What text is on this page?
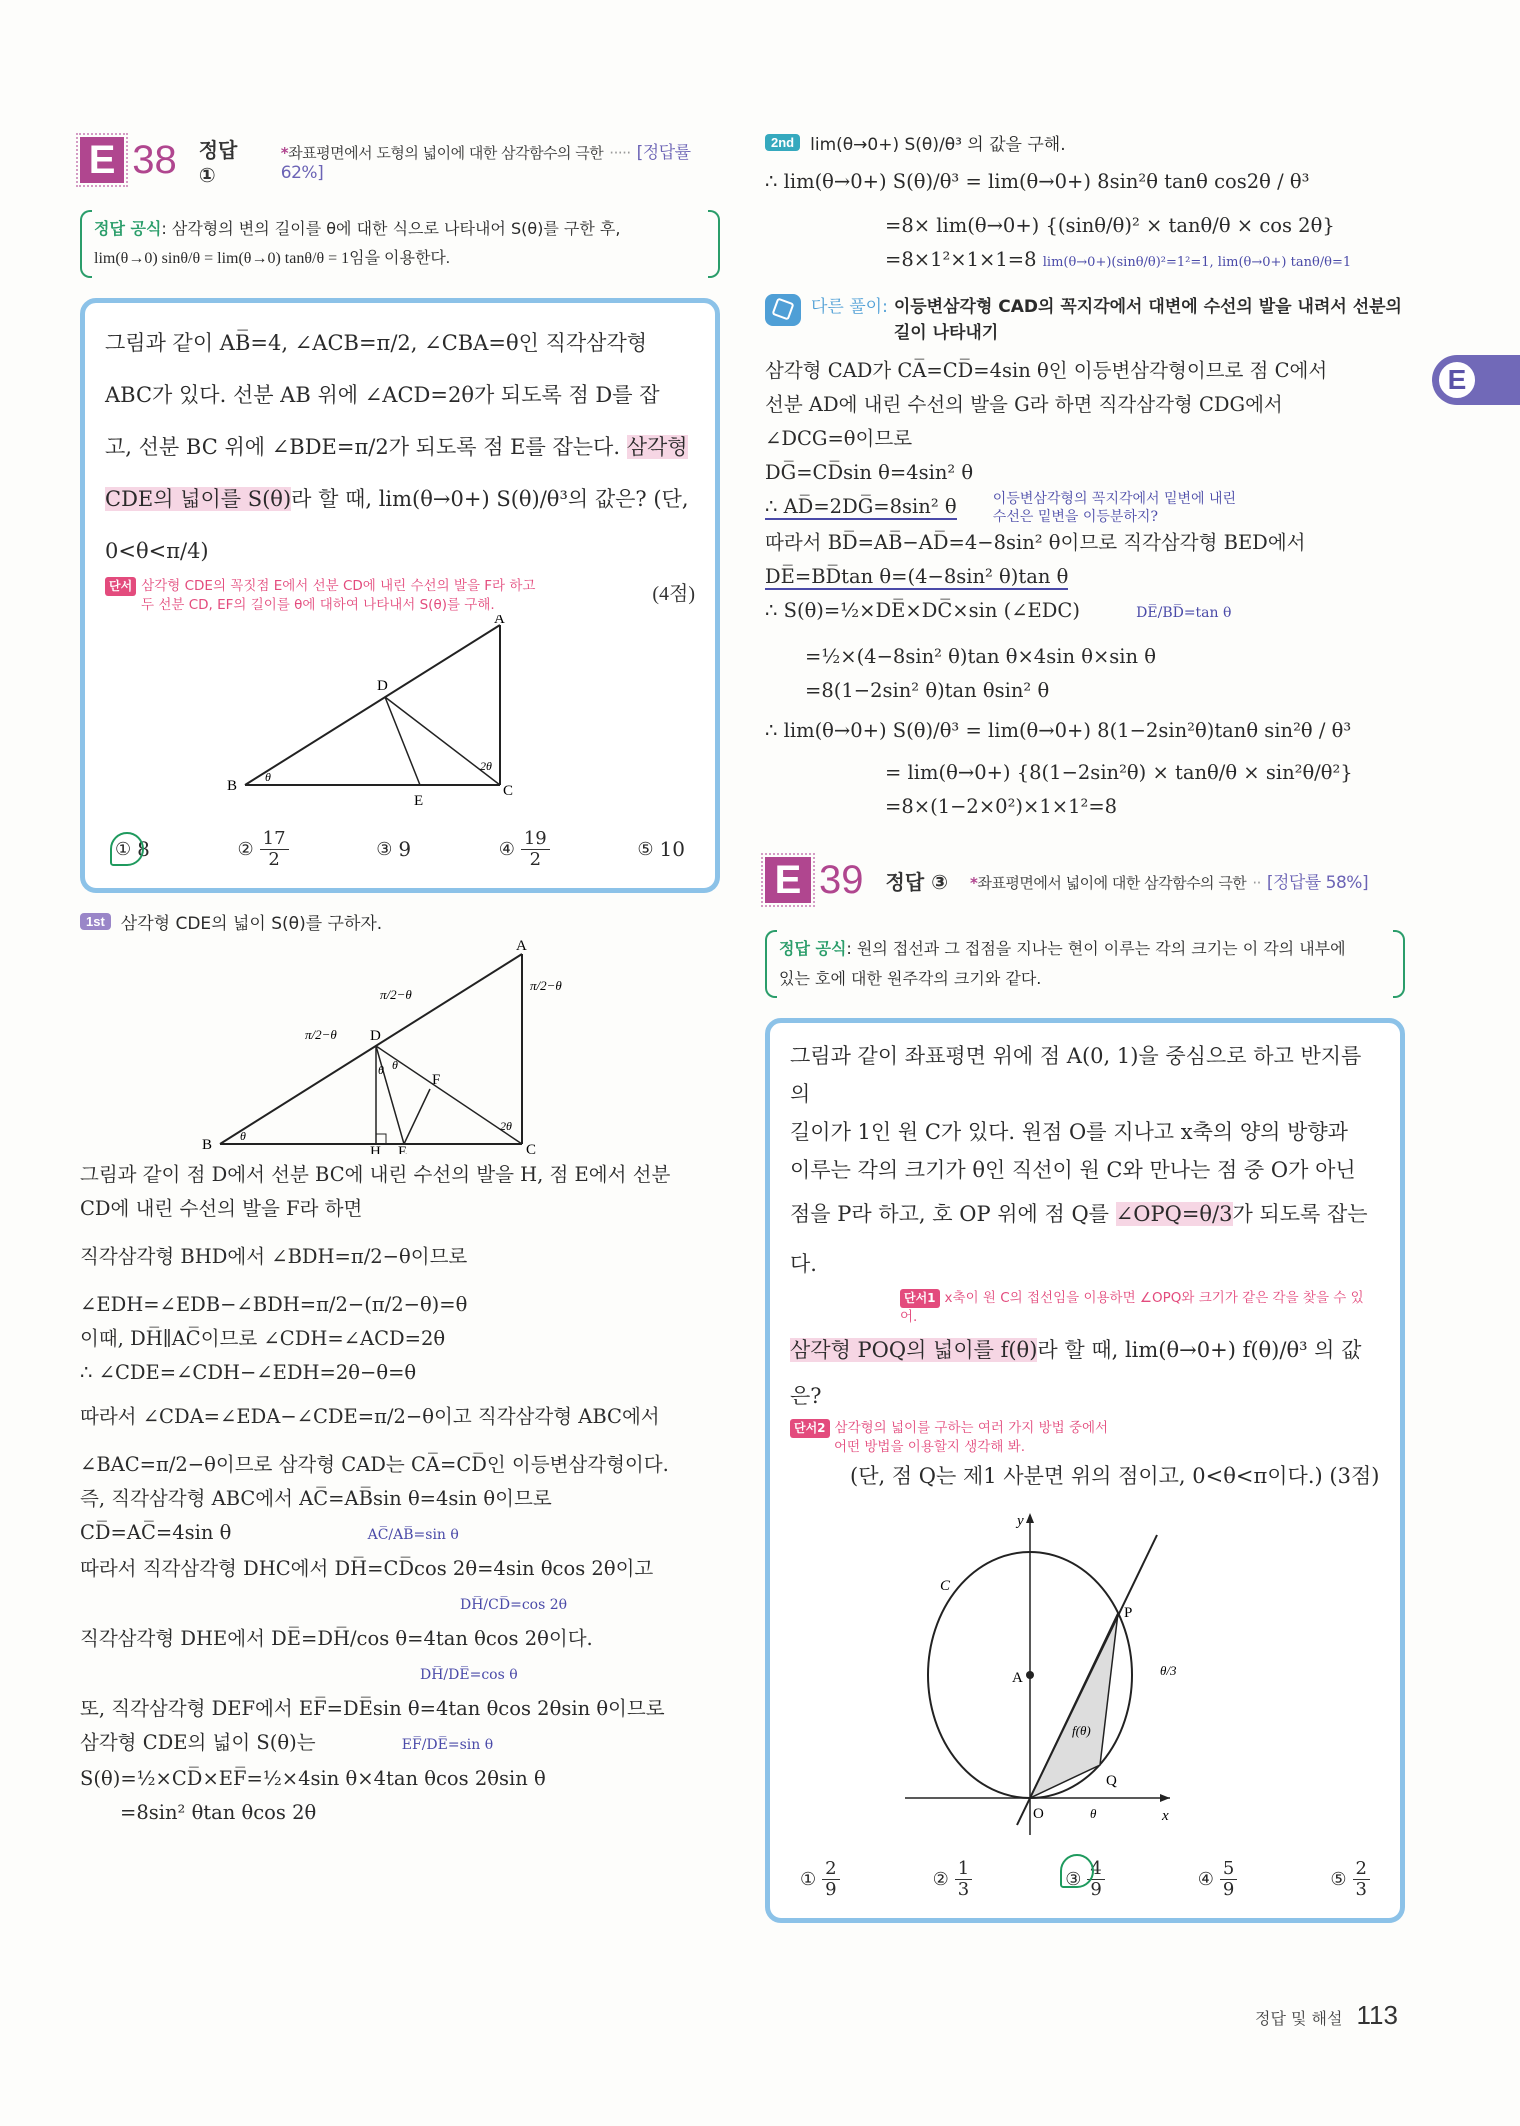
E
E 38 정답 ①
*좌표평면에서 도형의 넓이에 대한 삼각함수의 극한 ····· [정답률 62%]
정답 공식: 삼각형의 변의 길이를 θ에 대한 식으로 나타내어 S(θ)를 구한 후,
lim(θ→0) sinθ/θ = lim(θ→0) tanθ/θ = 1임을 이용한다.
그림과 같이 AB̅=4, ∠ACB=π/2, ∠CBA=θ인 직각삼각형
ABC가 있다. 선분 AB 위에 ∠ACD=2θ가 되도록 점 D를 잡
고, 선분 BC 위에 ∠BDE=π/2가 되도록 점 E를 잡는다. 삼각형
CDE의 넓이를 S(θ)라 할 때, lim(θ→0+) S(θ)/θ³의 값은? (단, 0<θ<π/4)
단서 삼각형 CDE의 꼭짓점 E에서 선분 CD에 내린 수선의 발을 F라 하고
두 선분 CD, EF의 길이를 θ에 대하여 나타내서 S(θ)를 구해.	(4점)
A
B	C
D
E
θ
2θ
① 8	② $\frac{17}{2}$	③ 9	④ $\frac{19}{2}$	⑤ 10
1st 삼각형 CDE의 넓이 S(θ)를 구하자.
A
B	C
D
E
F
H
π/2−θ
π/2−θ
π/2−θ
θ θ
θ
2θ

그림과 같이 점 D에서 선분 BC에 내린 수선의 발을 H, 점 E에서 선분

CD에 내린 수선의 발을 F라 하면

직각삼각형 BHD에서 ∠BDH=π/2−θ이므로

∠EDH=∠EDB−∠BDH=π/2−(π/2−θ)=θ

이때, DH̅∥AC̅이므로 ∠CDH=∠ACD=2θ

∴ ∠CDE=∠CDH−∠EDH=2θ−θ=θ

따라서 ∠CDA=∠EDA−∠CDE=π/2−θ이고 직각삼각형 ABC에서

∠BAC=π/2−θ이므로 삼각형 CAD는 CA̅=CD̅인 이등변삼각형이다.

즉, 직각삼각형 ABC에서 AC̅=AB̅sin θ=4sin θ이므로

CD̅=AC̅=4sin θ	AC̅/AB̅=sin θ

따라서 직각삼각형 DHC에서 DH̅=CD̅cos 2θ=4sin θcos 2θ이고

DH̅/CD̅=cos 2θ

직각삼각형 DHE에서 DE̅=DH̅/cos θ=4tan θcos 2θ이다.

DH̅/DE̅=cos θ

또, 직각삼각형 DEF에서 EF̅=DE̅sin θ=4tan θcos 2θsin θ이므로

삼각형 CDE의 넓이 S(θ)는	EF̅/DE̅=sin θ

S(θ)=½×CD̅×EF̅=½×4sin θ×4tan θcos 2θsin θ

=8sin² θtan θcos 2θ

2nd lim(θ→0+) S(θ)/θ³ 의 값을 구해.

∴ lim(θ→0+) S(θ)/θ³ = lim(θ→0+) 8sin²θ tanθ cos2θ / θ³

=8× lim(θ→0+) {(sinθ/θ)² × tanθ/θ × cos 2θ}

=8×1²×1×1=8 lim(θ→0+)(sinθ/θ)²=1²=1, lim(θ→0+) tanθ/θ=1

다른 풀이: 이등변삼각형 CAD의 꼭지각에서 대변에 수선의 발을 내려서 선분의 길이 나타내기

삼각형 CAD가 CA̅=CD̅=4sin θ인 이등변삼각형이므로 점 C에서

선분 AD에 내린 수선의 발을 G라 하면 직각삼각형 CDG에서

∠DCG=θ이므로

DG̅=CD̅sin θ=4sin² θ

∴ AD̅=2DG̅=8sin² θ	이등변삼각형의 꼭지각에서 밑변에 내린 수선은 밑변을 이등분하지?

따라서 BD̅=AB̅−AD̅=4−8sin² θ이므로 직각삼각형 BED에서

DE̅=BD̅tan θ=(4−8sin² θ)tan θ

∴ S(θ)=½×DE̅×DC̅×sin (∠EDC)	DE̅/BD̅=tan θ

=½×(4−8sin² θ)tan θ×4sin θ×sin θ

=8(1−2sin² θ)tan θsin² θ

∴ lim(θ→0+) S(θ)/θ³ = lim(θ→0+) 8(1−2sin²θ)tanθ sin²θ / θ³

= lim(θ→0+) {8(1−2sin²θ) × tanθ/θ × sin²θ/θ²}

=8×(1−2×0²)×1×1²=8

E 39 정답 ③ *좌표평면에서 넓이에 대한 삼각함수의 극한 ·· [정답률 58%]
정답 공식: 원의 접선과 그 접점을 지나는 현이 이루는 각의 크기는 이 각의 내부에
있는 호에 대한 원주각의 크기와 같다.
그림과 같이 좌표평면 위에 점 A(0, 1)을 중심으로 하고 반지름의
길이가 1인 원 C가 있다. 원점 O를 지나고 x축의 양의 방향과
이루는 각의 크기가 θ인 직선이 원 C와 만나는 점 중 O가 아닌
점을 P라 하고, 호 OP 위에 점 Q를 ∠OPQ=θ/3가 되도록 잡는다.
단서1 x축이 원 C의 접선임을 이용하면 ∠OPQ와 크기가 같은 각을 찾을 수 있어.
삼각형 POQ의 넓이를 f(θ)라 할 때, lim(θ→0+) f(θ)/θ³ 의 값은?
단서2 삼각형의 넓이를 구하는 여러 가지 방법 중에서
어떤 방법을 이용할지 생각해 봐.
(단, 점 Q는 제1 사분면 위의 점이고, 0<θ<π이다.) (3점)
y
x
C
A
P
Q
O	θ
θ/3
f(θ)
① $\frac{2}{9}$	② $\frac{1}{3}$	③ $\frac{4}{9}$	④ $\frac{5}{9}$	⑤ $\frac{2}{3}$
정답 및 해설 113
